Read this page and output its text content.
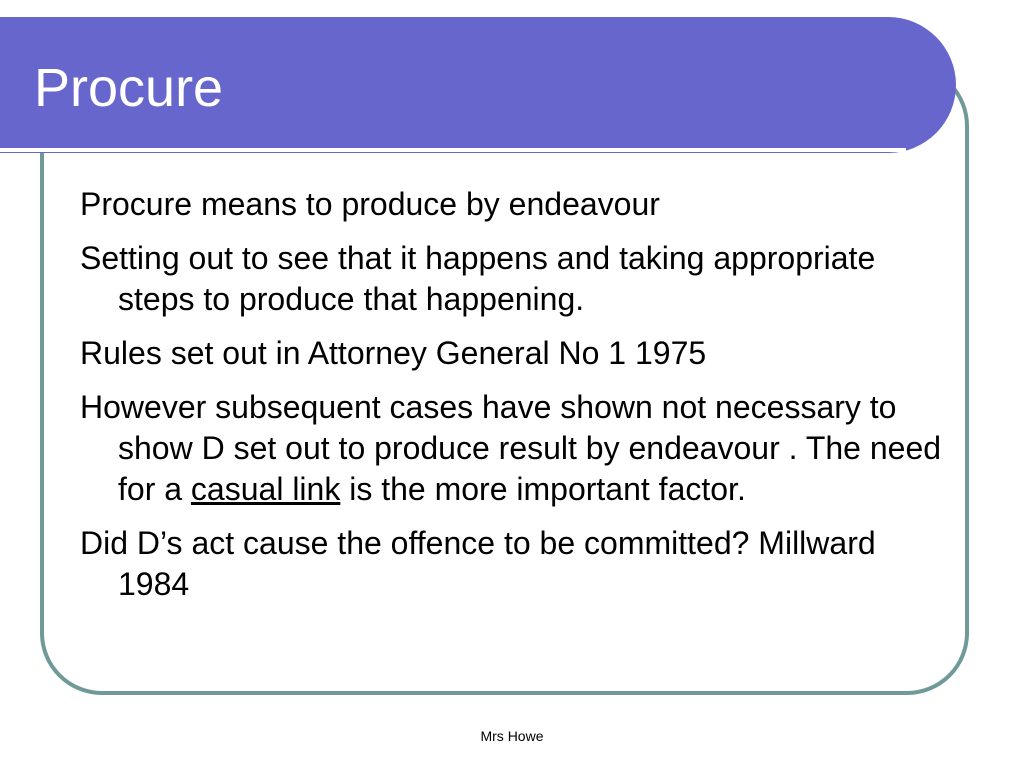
Procure
Procure means to produce by endeavour
Setting out to see that it happens and taking appropriate steps to produce that happening.
Rules set out in Attorney General No 1 1975
However subsequent cases have shown not necessary to show D set out to produce result by endeavour . The need for a casual link is the more important factor.
Did D’s act cause the offence to be committed? Millward 1984
Mrs Howe
